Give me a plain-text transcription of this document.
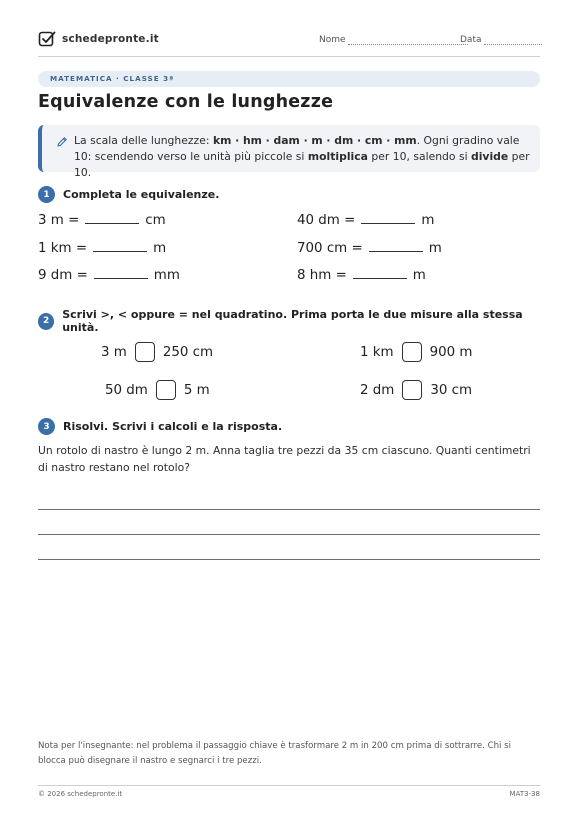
schedepronte.it	Nome	Data
MATEMATICA · CLASSE 3ª
Equivalenze con le lunghezze
La scala delle lunghezze: km · hm · dam · m · dm · cm · mm. Ogni gradino vale 10: scendendo verso le unità più piccole si moltiplica per 10, salendo si divide per 10.
1	Completa le equivalenze.
3 m =	cm	40 dm =	m
1 km =	m	700 cm =	m
9 dm =	mm	8 hm =	m
2	Scrivi >, < oppure = nel quadratino. Prima porta le due misure alla stessa unità.
3 m	250 cm	1 km	900 m
50 dm	5 m	2 dm	30 cm
3	Risolvi. Scrivi i calcoli e la risposta.
Un rotolo di nastro è lungo 2 m. Anna taglia tre pezzi da 35 cm ciascuno. Quanti centimetri di nastro restano nel rotolo?
Nota per l'insegnante: nel problema il passaggio chiave è trasformare 2 m in 200 cm prima di sottrarre. Chi si blocca può disegnare il nastro e segnarci i tre pezzi.
© 2026 schedepronte.it	MAT3-38
